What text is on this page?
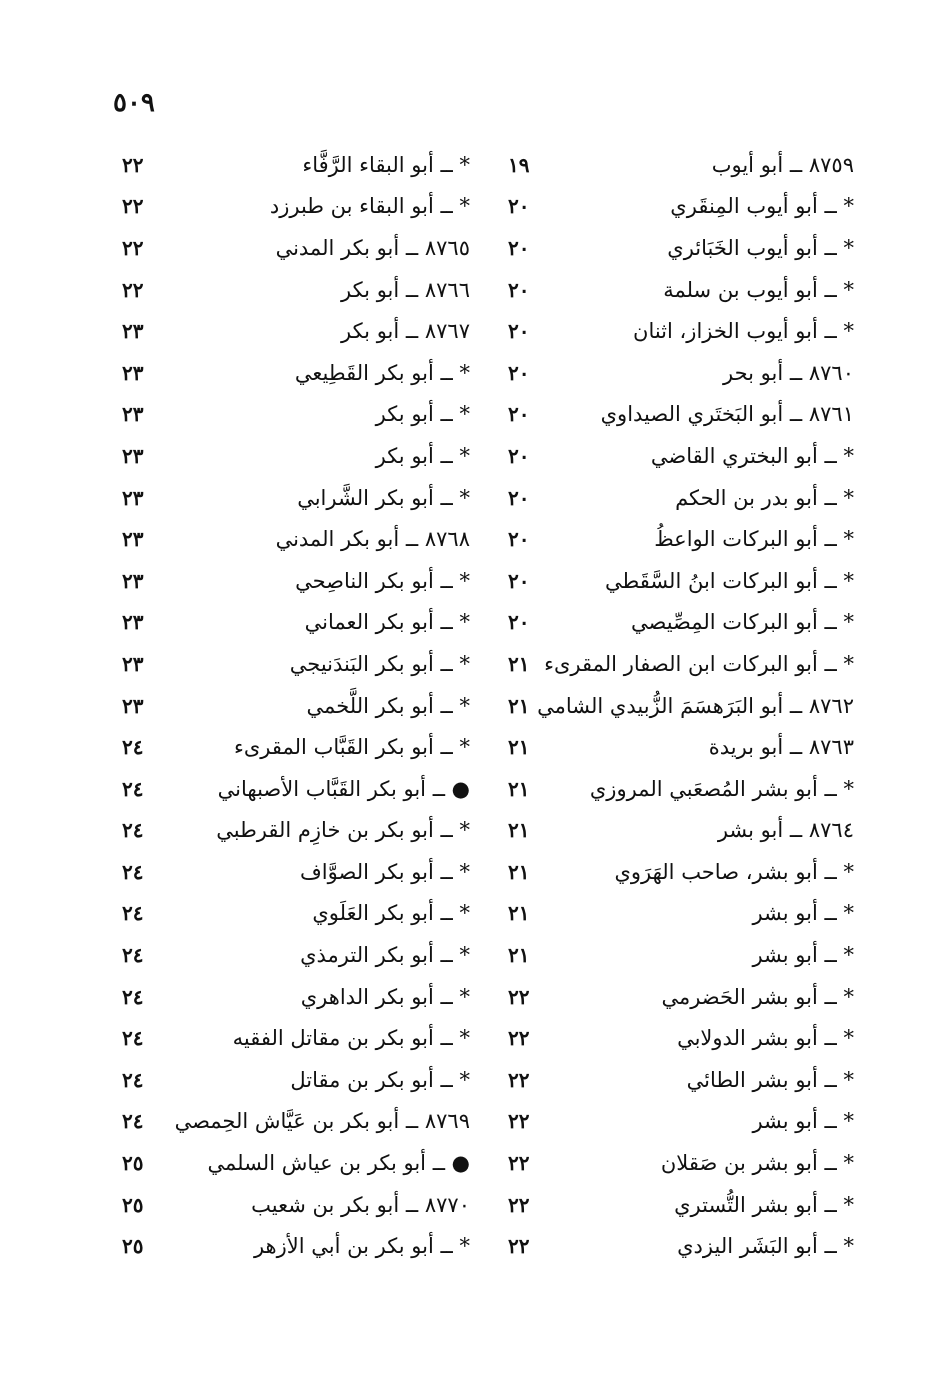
٥٠٩
١٩	٨٧٥٩ ــ أبو أيوب
٢٠	* ــ أبو أيوب المِنقَري
٢٠	* ــ أبو أيوب الخَبَائري
٢٠	* ــ أبو أيوب بن سلمة
٢٠	* ــ أبو أيوب الخزاز، اثنان
٢٠	٨٧٦٠ ــ أبو بحر
٢٠	٨٧٦١ ــ أبو البَختَري الصيداوي
٢٠	* ــ أبو البختري القاضي
٢٠	* ــ أبو بدر بن الحكم
٢٠	* ــ أبو البركات الواعظُ
٢٠	* ــ أبو البركات ابنُ السَّقَطي
٢٠	* ــ أبو البركات المِصِّيصي
٢١ * ــ أبو البركات ابن الصفار المقرىء
٢١ ٨٧٦٢ ــ أبو البَرَهسَمَ الزُّبيدي الشامي
٢١	٨٧٦٣ ــ أبو بريدة
٢١	* ــ أبو بشر المُصعَبي المروزي
٢١	٨٧٦٤ ــ أبو بشر
٢١	* ــ أبو بشر، صاحب الهَرَوي
٢١	* ــ أبو بشر
٢١	* ــ أبو بشر
٢٢	* ــ أبو بشر الحَضرمي
٢٢	* ــ أبو بشر الدولابي
٢٢	* ــ أبو بشر الطائي
٢٢	* ــ أبو بشر
٢٢	* ــ أبو بشر بن صَقلان
٢٢	* ــ أبو بشر التُّستري
٢٢	* ــ أبو البَشَر اليزدي
٢٢	* ــ أبو البقاء الرَّفَّاء
٢٢	* ــ أبو البقاء بن طبرزد
٢٢	٨٧٦٥ ــ أبو بكر المدني
٢٢	٨٧٦٦ ــ أبو بكر
٢٣	٨٧٦٧ ــ أبو بكر
٢٣	* ــ أبو بكر القَطِيعي
٢٣	* ــ أبو بكر
٢٣	* ــ أبو بكر
٢٣	* ــ أبو بكر الشَّرابي
٢٣	٨٧٦٨ ــ أبو بكر المدني
٢٣	* ــ أبو بكر الناصِحي
٢٣	* ــ أبو بكر العماني
٢٣	* ــ أبو بكر البَندَنيجي
٢٣	* ــ أبو بكر اللَّخمي
٢٤	* ــ أبو بكر القَبَّاب المقرىء
٢٤	● ــ أبو بكر القَبَّاب الأصبهاني
٢٤	* ــ أبو بكر بن خازِم القرطبي
٢٤	* ــ أبو بكر الصوَّاف
٢٤	* ــ أبو بكر العَلَوي
٢٤	* ــ أبو بكر الترمذي
٢٤	* ــ أبو بكر الداهري
٢٤	* ــ أبو بكر بن مقاتل الفقيه
٢٤	* ــ أبو بكر بن مقاتل
٢٤ ٨٧٦٩ ــ أبو بكر بن عَيَّاش الحِمصي
٢٥	● ــ أبو بكر بن عياش السلمي
٢٥	٨٧٧٠ ــ أبو بكر بن شعيب
٢٥	* ــ أبو بكر بن أبي الأزهر
